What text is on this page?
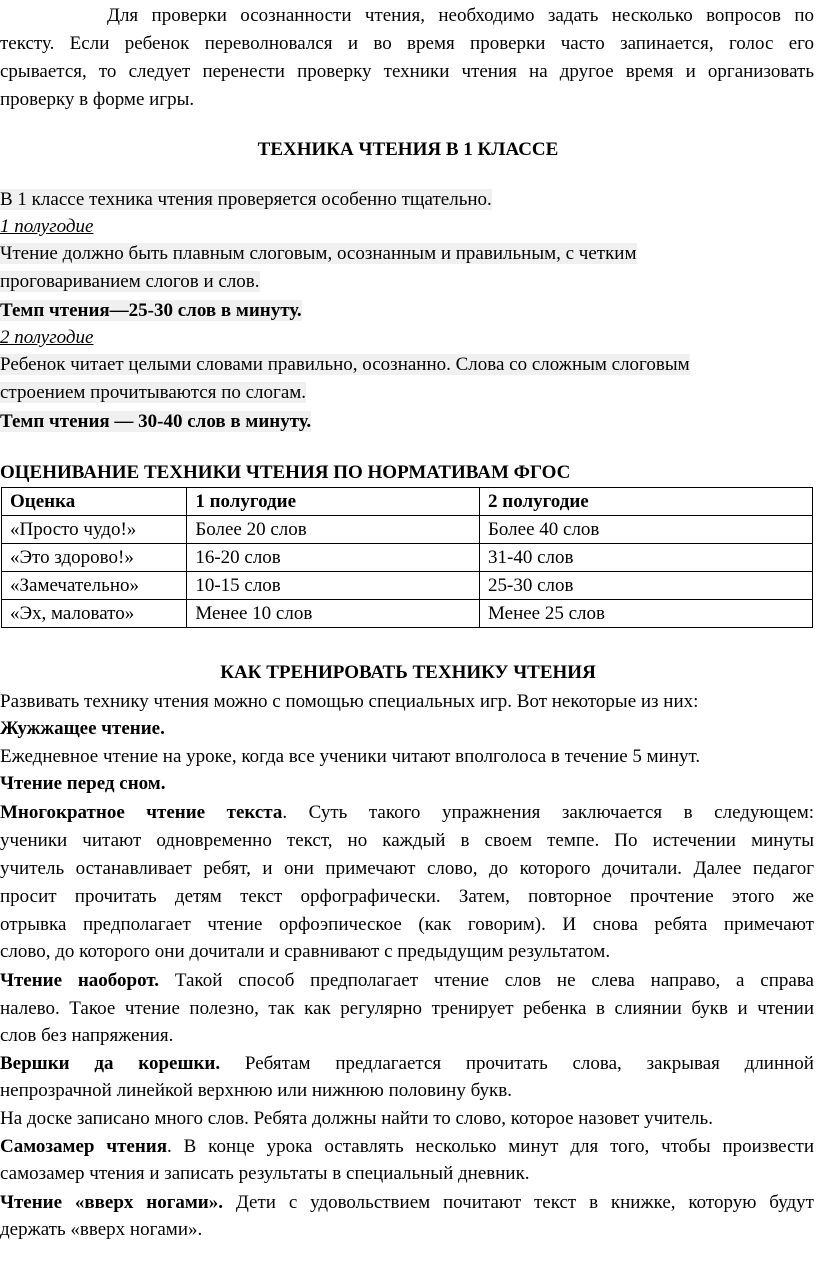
Для проверки осознанности чтения, необходимо задать несколько вопросов по
тексту. Если ребенок переволновался и во время проверки часто запинается, голос его
срывается, то следует перенести проверку техники чтения на другое время и организовать
проверку в форме игры.
ТЕХНИКА ЧТЕНИЯ В 1 КЛАССЕ
В 1 классе техника чтения проверяется особенно тщательно.
1 полугодие
Чтение должно быть плавным слоговым, осознанным и правильным, с четким
проговариванием слогов и слов.
Темп чтения—25-30 слов в минуту.
2 полугодие
Ребенок читает целыми словами правильно, осознанно. Слова со сложным слоговым
строением прочитываются по слогам.
Темп чтения — 30-40 слов в минуту.
ОЦЕНИВАНИЕ ТЕХНИКИ ЧТЕНИЯ ПО НОРМАТИВАМ ФГОС
Оценка	1 полугодие	2 полугодие
«Просто чудо!»	Более 20 слов	Более 40 слов
«Это здорово!»	16-20 слов	31-40 слов
«Замечательно»	10-15 слов	25-30 слов
«Эх, маловато»	Менее 10 слов	Менее 25 слов
КАК ТРЕНИРОВАТЬ ТЕХНИКУ ЧТЕНИЯ
Развивать технику чтения можно с помощью специальных игр. Вот некоторые из них:
Жужжащее чтение.
Ежедневное чтение на уроке, когда все ученики читают вполголоса в течение 5 минут.
Чтение перед сном.
Многократное чтение текста. Суть такого упражнения заключается в следующем:
ученики читают одновременно текст, но каждый в своем темпе. По истечении минуты
учитель останавливает ребят, и они примечают слово, до которого дочитали. Далее педагог
просит прочитать детям текст орфографически. Затем, повторное прочтение этого же
отрывка предполагает чтение орфоэпическое (как говорим). И снова ребята примечают
слово, до которого они дочитали и сравнивают с предыдущим результатом.
Чтение наоборот. Такой способ предполагает чтение слов не слева направо, а справа
налево. Такое чтение полезно, так как регулярно тренирует ребенка в слиянии букв и чтении
слов без напряжения.
Вершки да корешки. Ребятам предлагается прочитать слова, закрывая длинной
непрозрачной линейкой верхнюю или нижнюю половину букв.
На доске записано много слов. Ребята должны найти то слово, которое назовет учитель.
Самозамер чтения. В конце урока оставлять несколько минут для того, чтобы произвести
самозамер чтения и записать результаты в специальный дневник.
Чтение «вверх ногами». Дети с удовольствием почитают текст в книжке, которую будут
держать «вверх ногами».
